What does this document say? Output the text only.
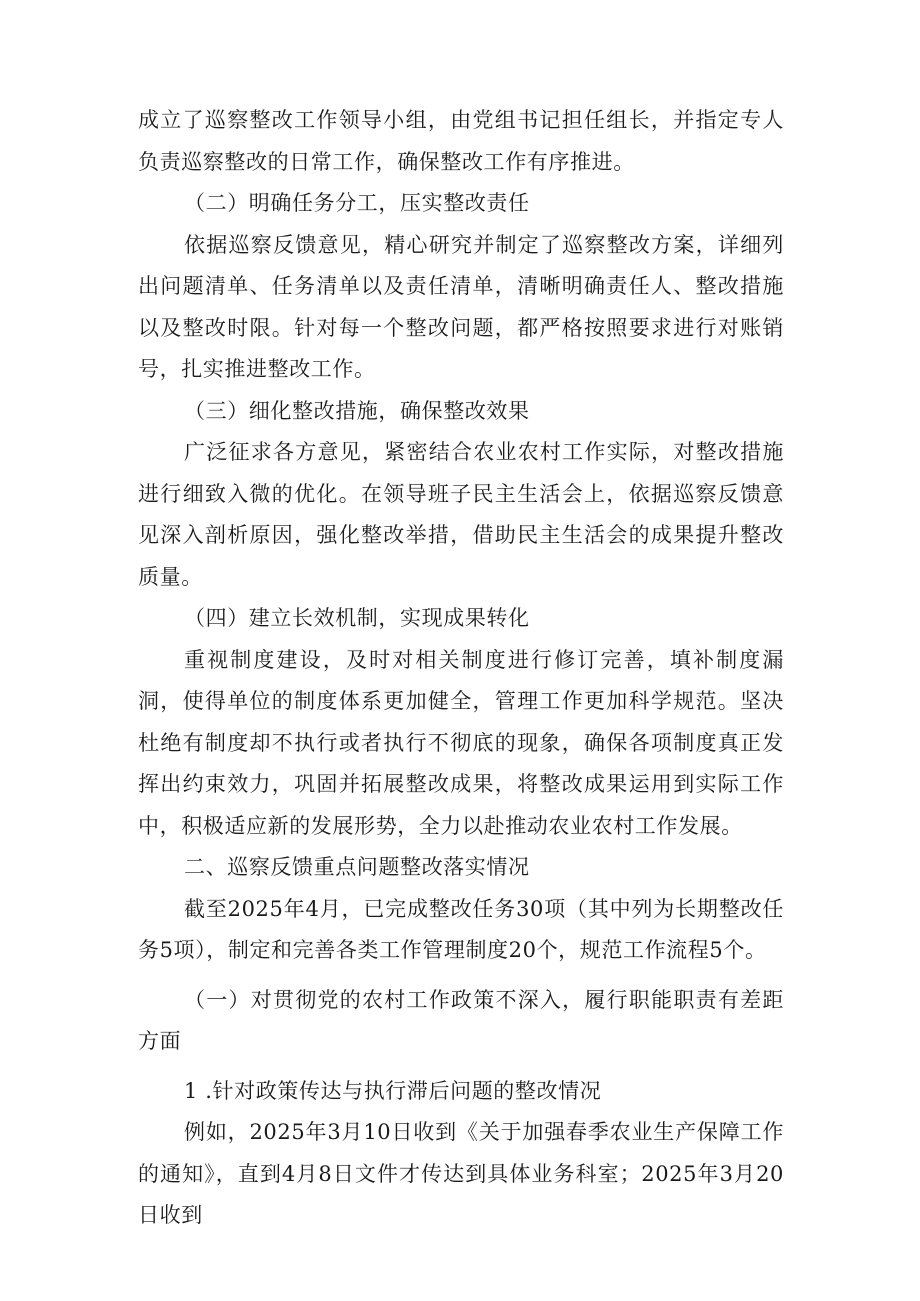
成立了巡察整改工作领导小组，由党组书记担任组长，并指定专人负责巡察整改的日常工作，确保整改工作有序推进。

（二）明确任务分工，压实整改责任

依据巡察反馈意见，精心研究并制定了巡察整改方案，详细列出问题清单、任务清单以及责任清单，清晰明确责任人、整改措施以及整改时限。针对每一个整改问题，都严格按照要求进行对账销号，扎实推进整改工作。

（三）细化整改措施，确保整改效果

广泛征求各方意见，紧密结合农业农村工作实际，对整改措施进行细致入微的优化。在领导班子民主生活会上，依据巡察反馈意见深入剖析原因，强化整改举措，借助民主生活会的成果提升整改质量。

（四）建立长效机制，实现成果转化

重视制度建设，及时对相关制度进行修订完善，填补制度漏洞，使得单位的制度体系更加健全，管理工作更加科学规范。坚决杜绝有制度却不执行或者执行不彻底的现象，确保各项制度真正发挥出约束效力，巩固并拓展整改成果，将整改成果运用到实际工作中，积极适应新的发展形势，全力以赴推动农业农村工作发展。

二、巡察反馈重点问题整改落实情况

截至2025年4月，已完成整改任务30项（其中列为长期整改任务5项），制定和完善各类工作管理制度20个，规范工作流程5个。

（一）对贯彻党的农村工作政策不深入，履行职能职责有差距方面

1 .针对政策传达与执行滞后问题的整改情况

例如，2025年3月10日收到《关于加强春季农业生产保障工作的通知》，直到4月8日文件才传达到具体业务科室；2025年3月20日收到
